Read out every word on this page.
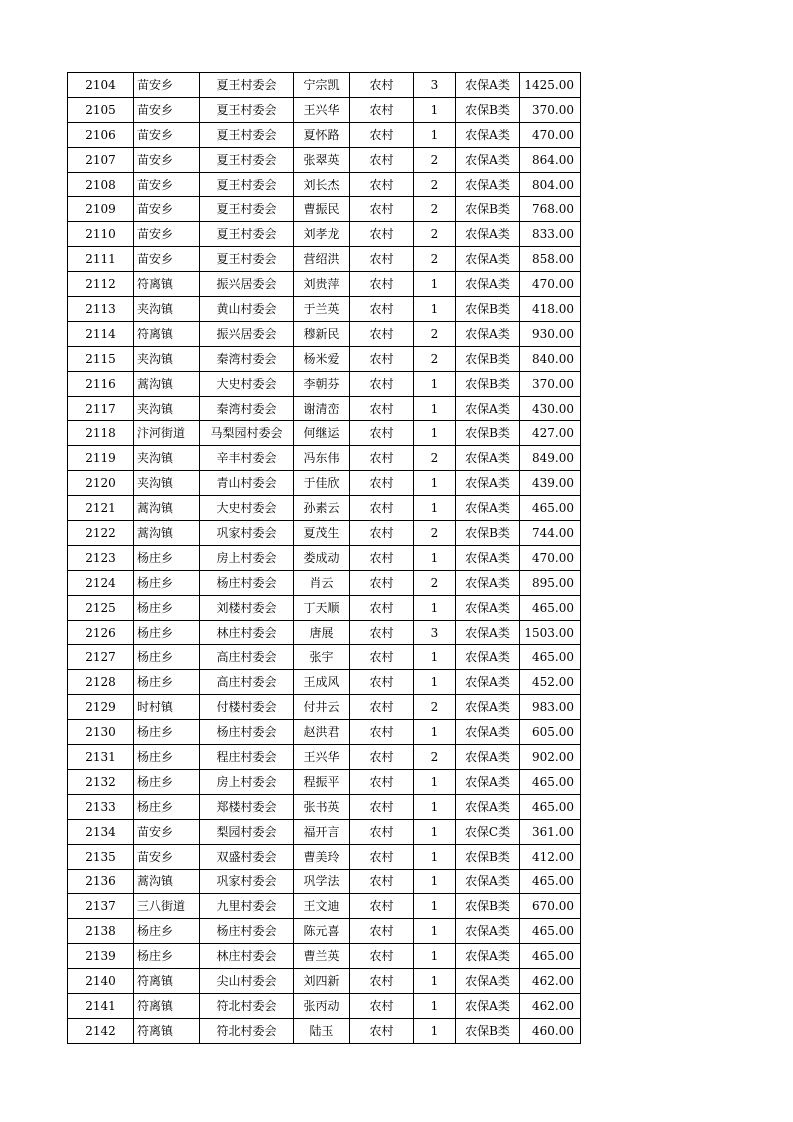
2104	苗安乡	夏王村委会	宁宗凯	农村	3	农保A类	1425.00
2105	苗安乡	夏王村委会	王兴华	农村	1	农保B类	370.00
2106	苗安乡	夏王村委会	夏怀路	农村	1	农保A类	470.00
2107	苗安乡	夏王村委会	张翠英	农村	2	农保A类	864.00
2108	苗安乡	夏王村委会	刘长杰	农村	2	农保A类	804.00
2109	苗安乡	夏王村委会	曹振民	农村	2	农保B类	768.00
2110	苗安乡	夏王村委会	刘孝龙	农村	2	农保A类	833.00
2111	苗安乡	夏王村委会	营绍洪	农村	2	农保A类	858.00
2112	符离镇	振兴居委会	刘贵萍	农村	1	农保A类	470.00
2113	夹沟镇	黄山村委会	于兰英	农村	1	农保B类	418.00
2114	符离镇	振兴居委会	穆新民	农村	2	农保A类	930.00
2115	夹沟镇	秦湾村委会	杨米爱	农村	2	农保B类	840.00
2116	蒿沟镇	大史村委会	李朝芬	农村	1	农保B类	370.00
2117	夹沟镇	秦湾村委会	谢清峦	农村	1	农保A类	430.00
2118	汴河街道	马梨园村委会	何继运	农村	1	农保B类	427.00
2119	夹沟镇	辛丰村委会	冯东伟	农村	2	农保A类	849.00
2120	夹沟镇	青山村委会	于佳欣	农村	1	农保A类	439.00
2121	蒿沟镇	大史村委会	孙素云	农村	1	农保A类	465.00
2122	蒿沟镇	巩家村委会	夏茂生	农村	2	农保B类	744.00
2123	杨庄乡	房上村委会	娄成动	农村	1	农保A类	470.00
2124	杨庄乡	杨庄村委会	肖云	农村	2	农保A类	895.00
2125	杨庄乡	刘楼村委会	丁天顺	农村	1	农保A类	465.00
2126	杨庄乡	林庄村委会	唐展	农村	3	农保A类	1503.00
2127	杨庄乡	高庄村委会	张宇	农村	1	农保A类	465.00
2128	杨庄乡	高庄村委会	王成风	农村	1	农保A类	452.00
2129	时村镇	付楼村委会	付井云	农村	2	农保A类	983.00
2130	杨庄乡	杨庄村委会	赵洪君	农村	1	农保A类	605.00
2131	杨庄乡	程庄村委会	王兴华	农村	2	农保A类	902.00
2132	杨庄乡	房上村委会	程振平	农村	1	农保A类	465.00
2133	杨庄乡	郑楼村委会	张书英	农村	1	农保A类	465.00
2134	苗安乡	梨园村委会	福开言	农村	1	农保C类	361.00
2135	苗安乡	双盛村委会	曹美玲	农村	1	农保B类	412.00
2136	蒿沟镇	巩家村委会	巩学法	农村	1	农保A类	465.00
2137	三八街道	九里村委会	王文迪	农村	1	农保B类	670.00
2138	杨庄乡	杨庄村委会	陈元喜	农村	1	农保A类	465.00
2139	杨庄乡	林庄村委会	曹兰英	农村	1	农保A类	465.00
2140	符离镇	尖山村委会	刘四新	农村	1	农保A类	462.00
2141	符离镇	符北村委会	张丙动	农村	1	农保A类	462.00
2142	符离镇	符北村委会	陆玉	农村	1	农保B类	460.00
